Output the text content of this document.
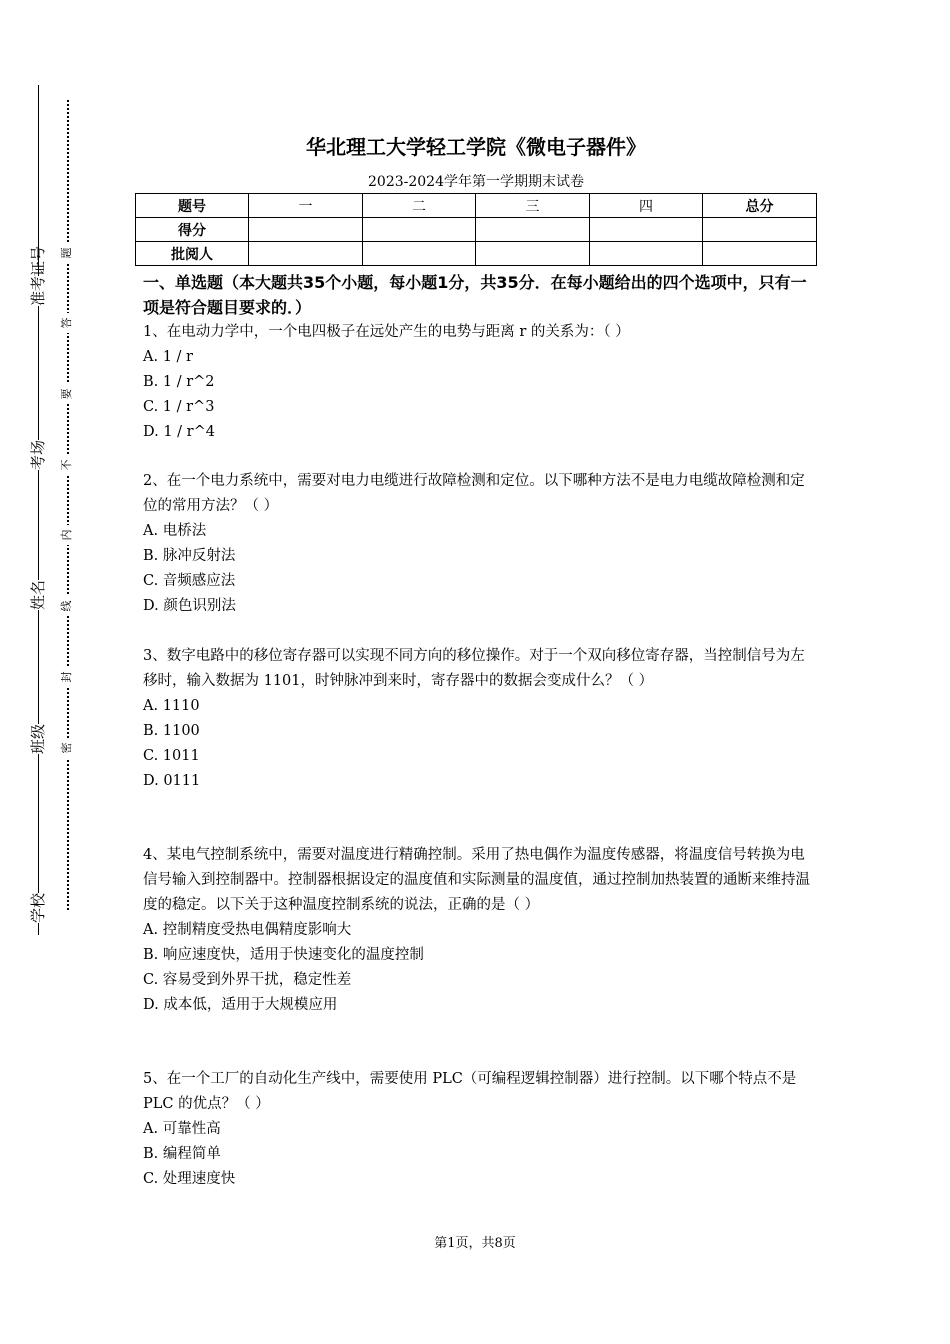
准考证号
考场
姓名
班级
学校
题
答
要
不
内
线
封
密
华北理工大学轻工学院《微电子器件》
2023-2024学年第一学期期末试卷
题号	一	二	三	四	总分
得分					
批阅人					
一、单选题（本大题共35个小题，每小题1分，共35分．在每小题给出的四个选项中，只有一项是符合题目要求的．）

1、在电动力学中，一个电四极子在远处产生的电势与距离 r 的关系为：（ ）

A. 1 / r

B. 1 / r^2

C. 1 / r^3

D. 1 / r^4

2、在一个电力系统中，需要对电力电缆进行故障检测和定位。以下哪种方法不是电力电缆故障检测和定位的常用方法？（ ）

A. 电桥法

B. 脉冲反射法

C. 音频感应法

D. 颜色识别法

3、数字电路中的移位寄存器可以实现不同方向的移位操作。对于一个双向移位寄存器，当控制信号为左移时，输入数据为 1101，时钟脉冲到来时，寄存器中的数据会变成什么？（ ）

A. 1110

B. 1100

C. 1011

D. 0111

4、某电气控制系统中，需要对温度进行精确控制。采用了热电偶作为温度传感器，将温度信号转换为电信号输入到控制器中。控制器根据设定的温度值和实际测量的温度值，通过控制加热装置的通断来维持温度的稳定。以下关于这种温度控制系统的说法，正确的是（ ）

A. 控制精度受热电偶精度影响大

B. 响应速度快，适用于快速变化的温度控制

C. 容易受到外界干扰，稳定性差

D. 成本低，适用于大规模应用

5、在一个工厂的自动化生产线中，需要使用 PLC（可编程逻辑控制器）进行控制。以下哪个特点不是 PLC 的优点？（ ）

A. 可靠性高

B. 编程简单

C. 处理速度快

第1页，共8页
